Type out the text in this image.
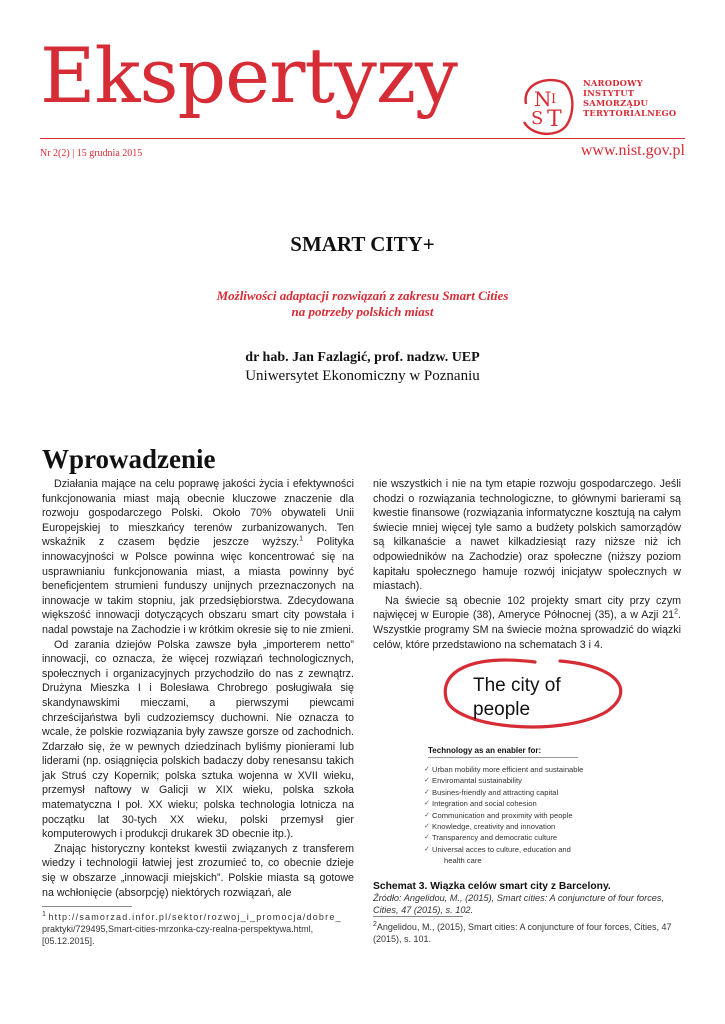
Ekspertyzy	N I
S T
NARODOWY
INSTYTUT
SAMORZĄDU
TERYTORIALNEGO
Nr 2(2) | 15 grudnia 2015	www.nist.gov.pl
SMART CITY+
Możliwości adaptacji rozwiązań z zakresu Smart Cities
na potrzeby polskich miast
dr hab. Jan Fazlagić, prof. nadzw. UEP
Uniwersytet Ekonomiczny w Poznaniu
Wprowadzenie

Działania mające na celu poprawę jakości życia i efektywności funkcjonowania miast mają obecnie kluczowe znaczenie dla rozwoju gospodarczego Polski. Około 70% obywateli Unii Europejskiej to mieszkańcy terenów zurbanizowanych. Ten wskaźnik z czasem będzie jeszcze wyższy.$^1$ Polityka innowacyjności w Polsce powinna więc koncentrować się na usprawnianiu funkcjonowania miast, a miasta powinny być beneficjentem strumieni funduszy unijnych przeznaczonych na innowacje w takim stopniu, jak przedsiębiorstwa. Zdecydowana większość innowacji dotyczących obszaru smart city powstała i nadal powstaje na Zachodzie i w krótkim okresie się to nie zmieni.

Od zarania dziejów Polska zawsze była „importerem netto” innowacji, co oznacza, że więcej rozwiązań technologicznych, społecznych i organizacyjnych przychodziło do nas z zewnątrz. Drużyna Mieszka I i Bolesława Chrobrego posługiwała się skandynawskimi mieczami, a pierwszymi piewcami chrześcijaństwa byli cudzoziemscy duchowni. Nie oznacza to wcale, że polskie rozwiązania były zawsze gorsze od zachodnich. Zdarzało się, że w pewnych dziedzinach byliśmy pionierami lub liderami (np. osiągnięcia polskich badaczy doby renesansu takich jak Struś czy Kopernik; polska sztuka wojenna w XVII wieku, przemysł naftowy w Galicji w XIX wieku, polska szkoła matematyczna I poł. XX wieku; polska technologia lotnicza na początku lat 30-tych XX wieku, polski przemysł gier komputerowych i produkcji drukarek 3D obecnie itp.).

Znając historyczny kontekst kwestii związanych z transferem wiedzy i technologii łatwiej jest zrozumieć to, co obecnie dzieje się w obszarze „innowacji miejskich”. Polskie miasta są gotowe na wchłonięcie (absorpcję) niektórych rozwiązań, ale

$^1$ http://samorzad.infor.pl/sektor/rozwoj_i_promocja/dobre_
praktyki/729495,Smart-cities-mrzonka-czy-realna-perspektywa.html, [05.12.2015].

nie wszystkich i nie na tym etapie rozwoju gospodarczego. Jeśli chodzi o rozwiązania technologiczne, to głównymi barierami są kwestie finansowe (rozwiązania informatyczne kosztują na całym świecie mniej więcej tyle samo a budżety polskich samorządów są kilkanaście a nawet kilkadziesiąt razy niższe niż ich odpowiedników na Zachodzie) oraz społeczne (niższy poziom kapitału społecznego hamuje rozwój inicjatyw społecznych w miastach).

Na świecie są obecnie 102 projekty smart city przy czym najwięcej w Europie (38), Ameryce Północnej (35), a w Azji $21^2$. Wszystkie programy SM na świecie można sprowadzić do wiązki celów, które przedstawiono na schematach 3 i 4.

The city of
people
Technology as an enabler for:
✓ Urban mobility more efficient and sustainable
✓ Enviromantal sustainability
✓ Busines-friendly and attracting capital
✓ Integration and social cohesion
✓ Communication and proximity with people
✓ Knowledge, creativity and innovation
✓ Transparency and democratic culture
✓ Universal acces to culture, education and
health care
Schemat 3. Wiązka celów smart city z Barcelony.
Źródło: Angelidou, M., (2015), Smart cities: A conjuncture of four forces, Cities, 47 (2015), s. 102.
$^2$Angelidou, M., (2015), Smart cities: A conjuncture of four forces, Cities, 47 (2015), s. 101.
